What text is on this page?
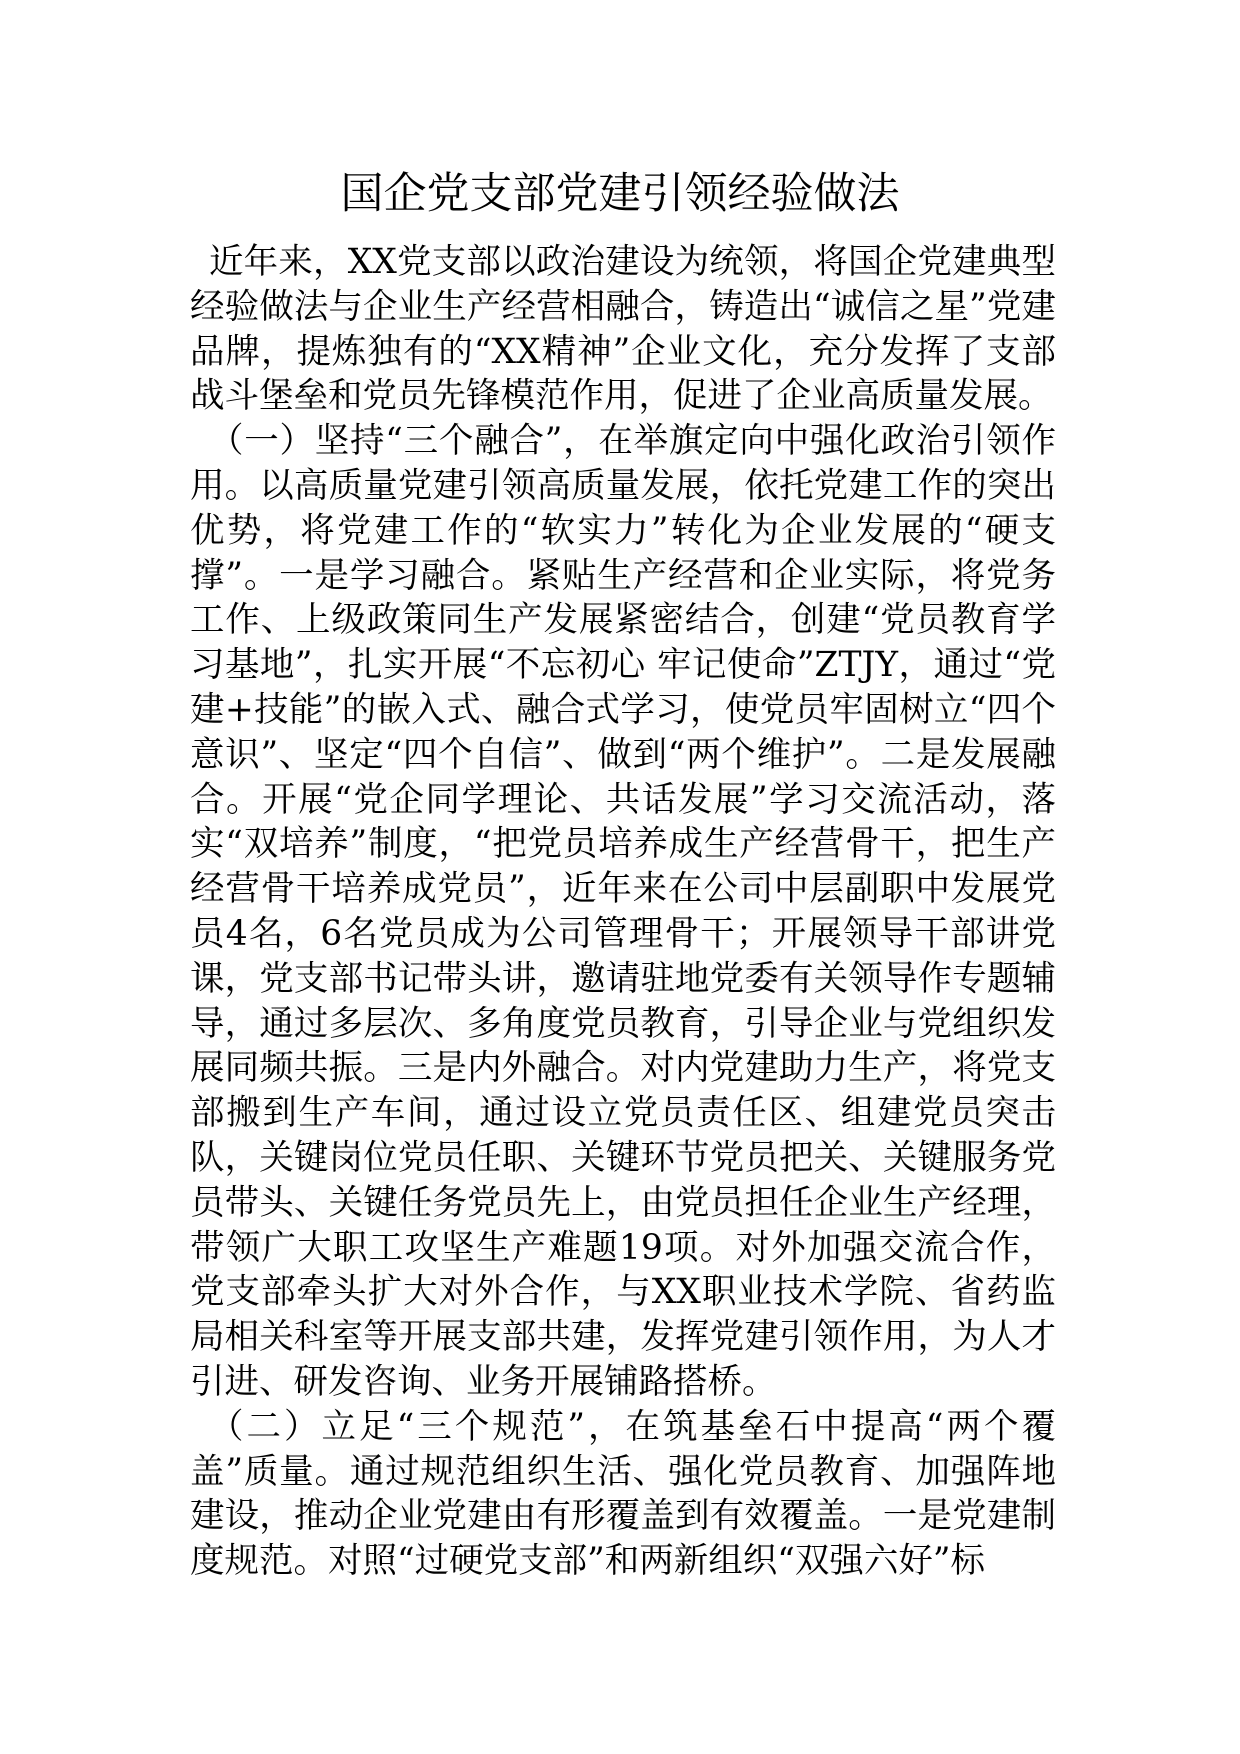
国企党支部党建引领经验做法

近年来，XX党支部以政治建设为统领，将国企党建典型经验做法与企业生产经营相融合，铸造出“诚信之星”党建品牌，提炼独有的“XX精神”企业文化，充分发挥了支部战斗堡垒和党员先锋模范作用，促进了企业高质量发展。

（一）坚持“三个融合”，在举旗定向中强化政治引领作用。以高质量党建引领高质量发展，依托党建工作的突出优势，将党建工作的“软实力”转化为企业发展的“硬支撑”。一是学习融合。紧贴生产经营和企业实际，将党务工作、上级政策同生产发展紧密结合，创建“党员教育学习基地”，扎实开展“不忘初心 牢记使命”ZTJY，通过“党建+技能”的嵌入式、融合式学习，使党员牢固树立“四个意识”、坚定“四个自信”、做到“两个维护”。二是发展融合。开展“党企同学理论、共话发展”学习交流活动，落实“双培养”制度，“把党员培养成生产经营骨干，把生产经营骨干培养成党员”，近年来在公司中层副职中发展党员4名，6名党员成为公司管理骨干；开展领导干部讲党课，党支部书记带头讲，邀请驻地党委有关领导作专题辅导，通过多层次、多角度党员教育，引导企业与党组织发展同频共振。三是内外融合。对内党建助力生产，将党支部搬到生产车间，通过设立党员责任区、组建党员突击队，关键岗位党员任职、关键环节党员把关、关键服务党员带头、关键任务党员先上，由党员担任企业生产经理，带领广大职工攻坚生产难题19项。对外加强交流合作，党支部牵头扩大对外合作，与XX职业技术学院、省药监局相关科室等开展支部共建，发挥党建引领作用，为人才引进、研发咨询、业务开展铺路搭桥。

（二）立足“三个规范”，在筑基垒石中提高“两个覆盖”质量。通过规范组织生活、强化党员教育、加强阵地建设，推动企业党建由有形覆盖到有效覆盖。一是党建制度规范。对照“过硬党支部”和两新组织“双强六好”标
